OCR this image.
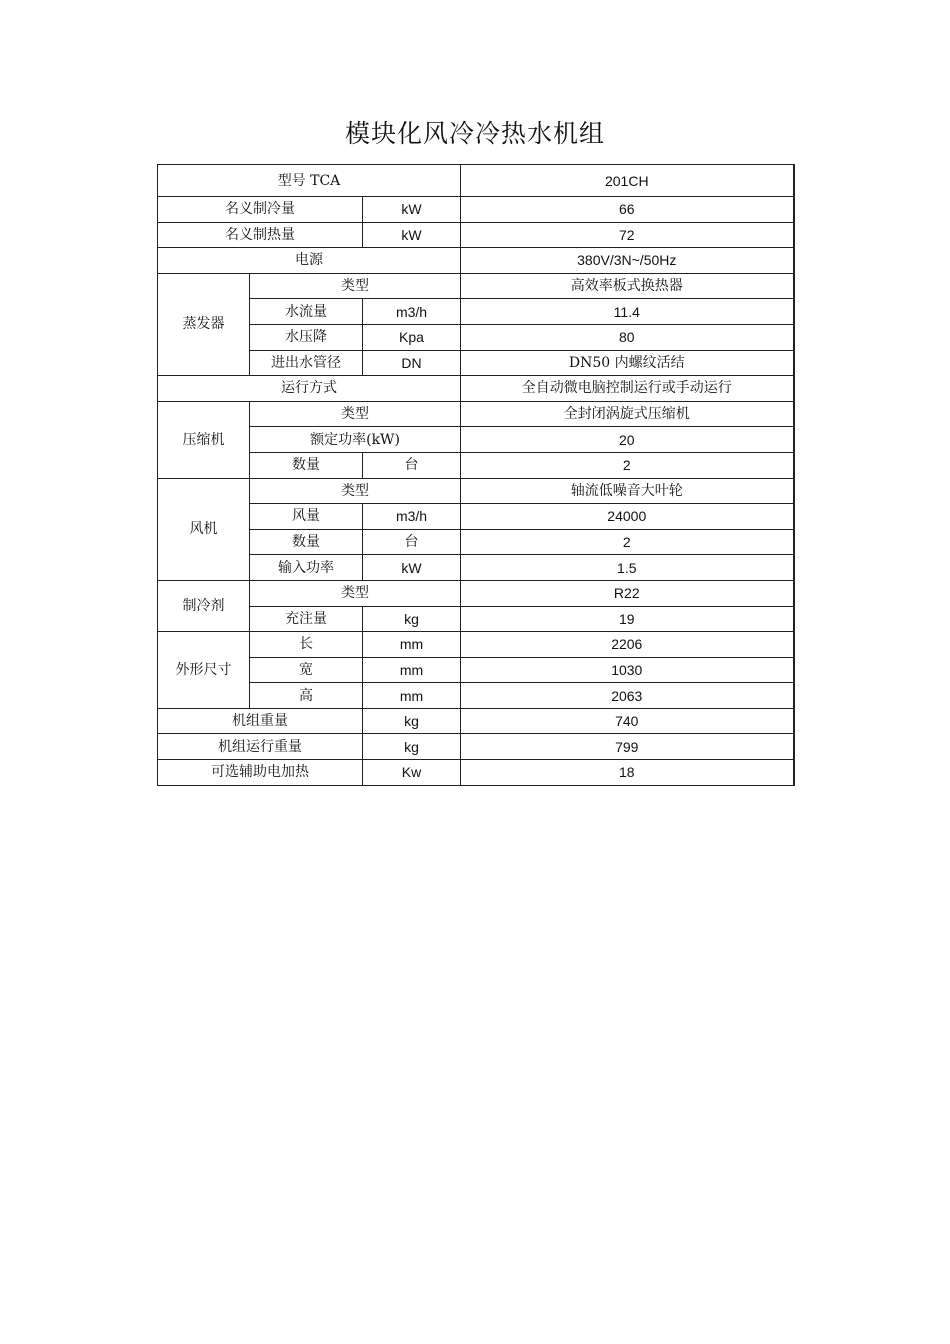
模块化风冷冷热水机组
型号 TCA			201CH
名义制冷量		kW	66
名义制热量		kW	72
电源			380V/3N~/50Hz
蒸发器	类型		高效率板式换热器
	水流量	m3/h	11.4
	水压降	Kpa	80
	进出水管径	DN	DN50 内螺纹活结
运行方式			全自动微电脑控制运行或手动运行
压缩机	类型		全封闭涡旋式压缩机
	额定功率(kW)		20
	数量	台	2
风机	类型		轴流低噪音大叶轮
	风量	m3/h	24000
	数量	台	2
	输入功率	kW	1.5
制冷剂	类型		R22
	充注量	kg	19
外形尺寸	长	mm	2206
	宽	mm	1030
	高	mm	2063
机组重量		kg	740
机组运行重量		kg	799
可选辅助电加热		Kw	18
